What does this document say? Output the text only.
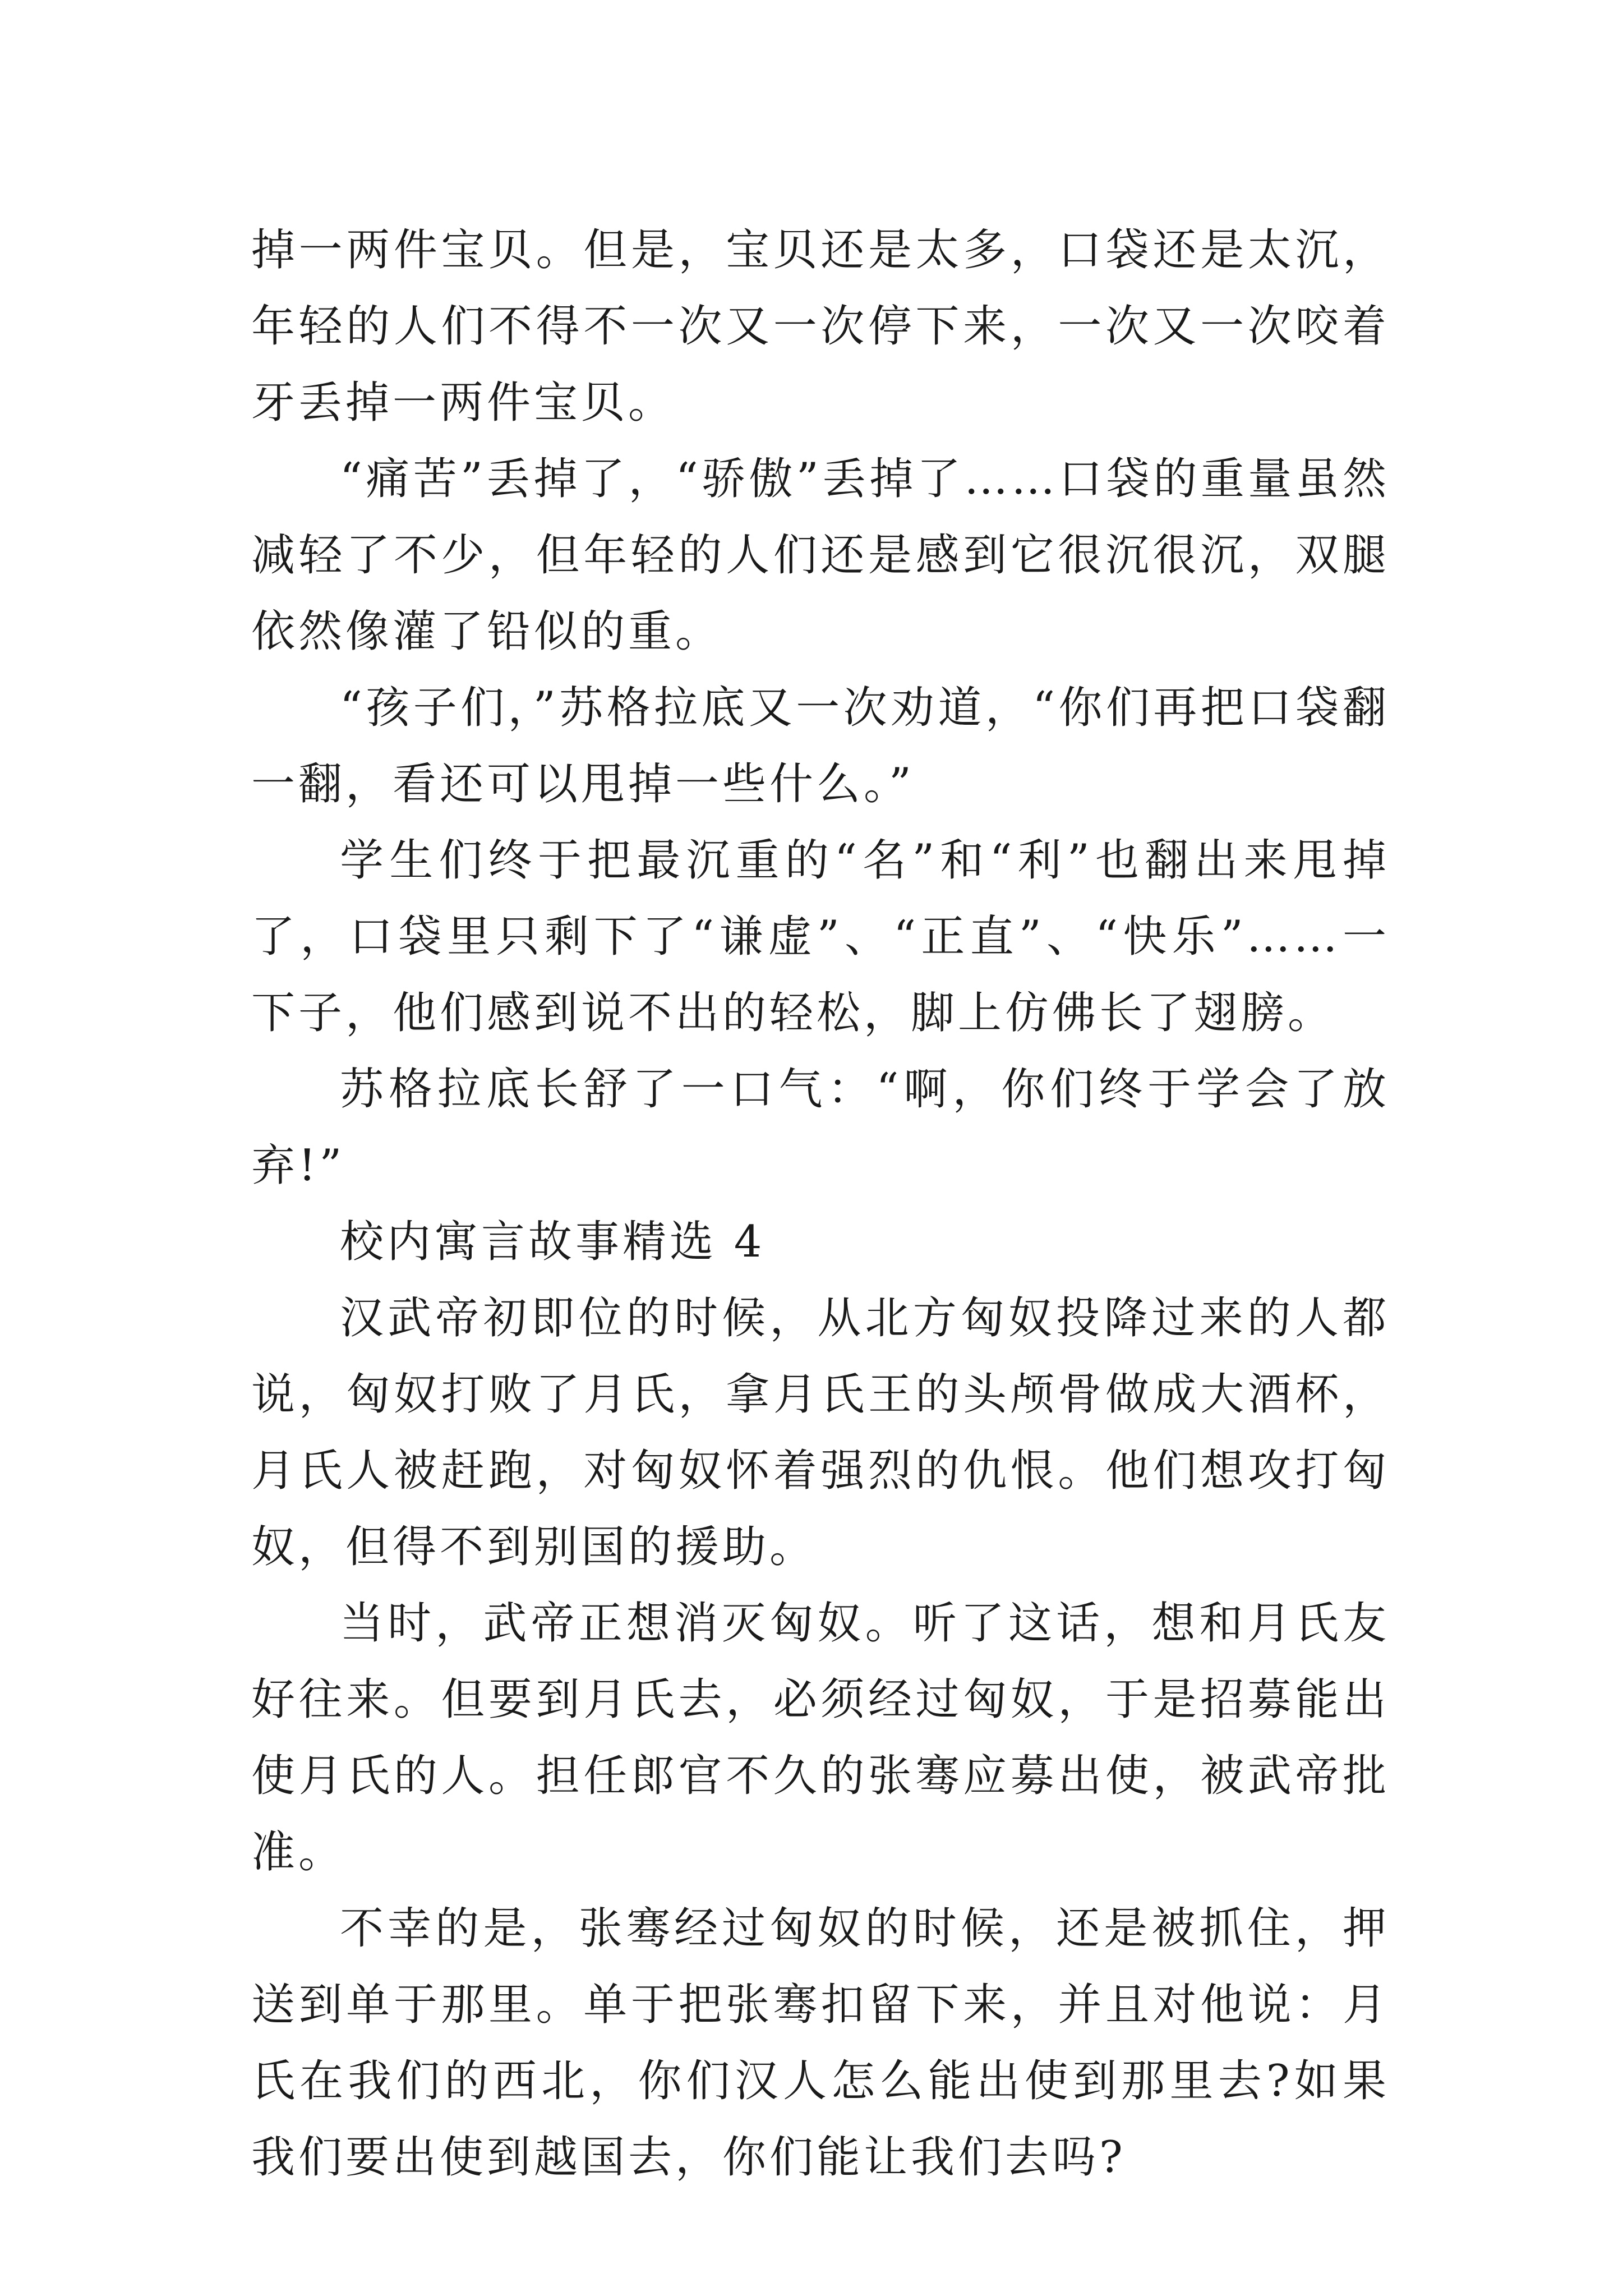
掉一两件宝贝。但是，宝贝还是太多，口袋还是太沉，年轻的人们不得不一次又一次停下来，一次又一次咬着牙丢掉一两件宝贝。

“痛苦”丢掉了，“骄傲”丢掉了……口袋的重量虽然减轻了不少，但年轻的人们还是感到它很沉很沉，双腿依然像灌了铅似的重。

“孩子们，”苏格拉底又一次劝道，“你们再把口袋翻一翻，看还可以甩掉一些什么。”

学生们终于把最沉重的“名”和“利”也翻出来甩掉了，口袋里只剩下了“谦虚”、“正直”、“快乐”……一下子，他们感到说不出的轻松，脚上仿佛长了翅膀。

苏格拉底长舒了一口气：“啊，你们终于学会了放弃!”

校内寓言故事精选 4

汉武帝初即位的时候，从北方匈奴投降过来的人都说，匈奴打败了月氏，拿月氏王的头颅骨做成大酒杯，月氏人被赶跑，对匈奴怀着强烈的仇恨。他们想攻打匈奴，但得不到别国的援助。

当时，武帝正想消灭匈奴。听了这话，想和月氏友好往来。但要到月氏去，必须经过匈奴，于是招募能出使月氏的人。担任郎官不久的张骞应募出使，被武帝批准。

不幸的是，张骞经过匈奴的时候，还是被抓住，押送到单于那里。单于把张骞扣留下来，并且对他说：月氏在我们的西北，你们汉人怎么能出使到那里去?如果我们要出使到越国去，你们能让我们去吗?
